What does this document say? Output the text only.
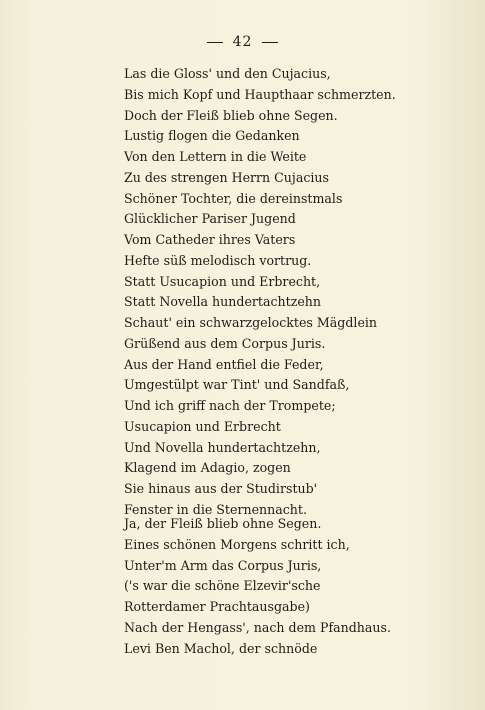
42
Las die Gloss' und den Cujacius,
Bis mich Kopf und Haupthaar schmerzten.
Doch der Fleiß blieb ohne Segen.
Lustig flogen die Gedanken
Von den Lettern in die Weite
Zu des strengen Herrn Cujacius
Schöner Tochter, die dereinstmals
Glücklicher Pariser Jugend
Vom Catheder ihres Vaters
Hefte süß melodisch vortrug.
Statt Usucapion und Erbrecht,
Statt Novella hundertachtzehn
Schaut' ein schwarzgelocktes Mägdlein
Grüßend aus dem Corpus Juris.
Aus der Hand entfiel die Feder,
Umgestülpt war Tint' und Sandfaß,
Und ich griff nach der Trompete;
Usucapion und Erbrecht
Und Novella hundertachtzehn,
Klagend im Adagio, zogen
Sie hinaus aus der Studirstub'
Fenster in die Sternennacht.
Ja, der Fleiß blieb ohne Segen.
Eines schönen Morgens schritt ich,
Unter'm Arm das Corpus Juris,
('s war die schöne Elzevir'sche
Rotterdamer Prachtausgabe)
Nach der Hengass', nach dem Pfandhaus.
Levi Ben Machol, der schnöde
